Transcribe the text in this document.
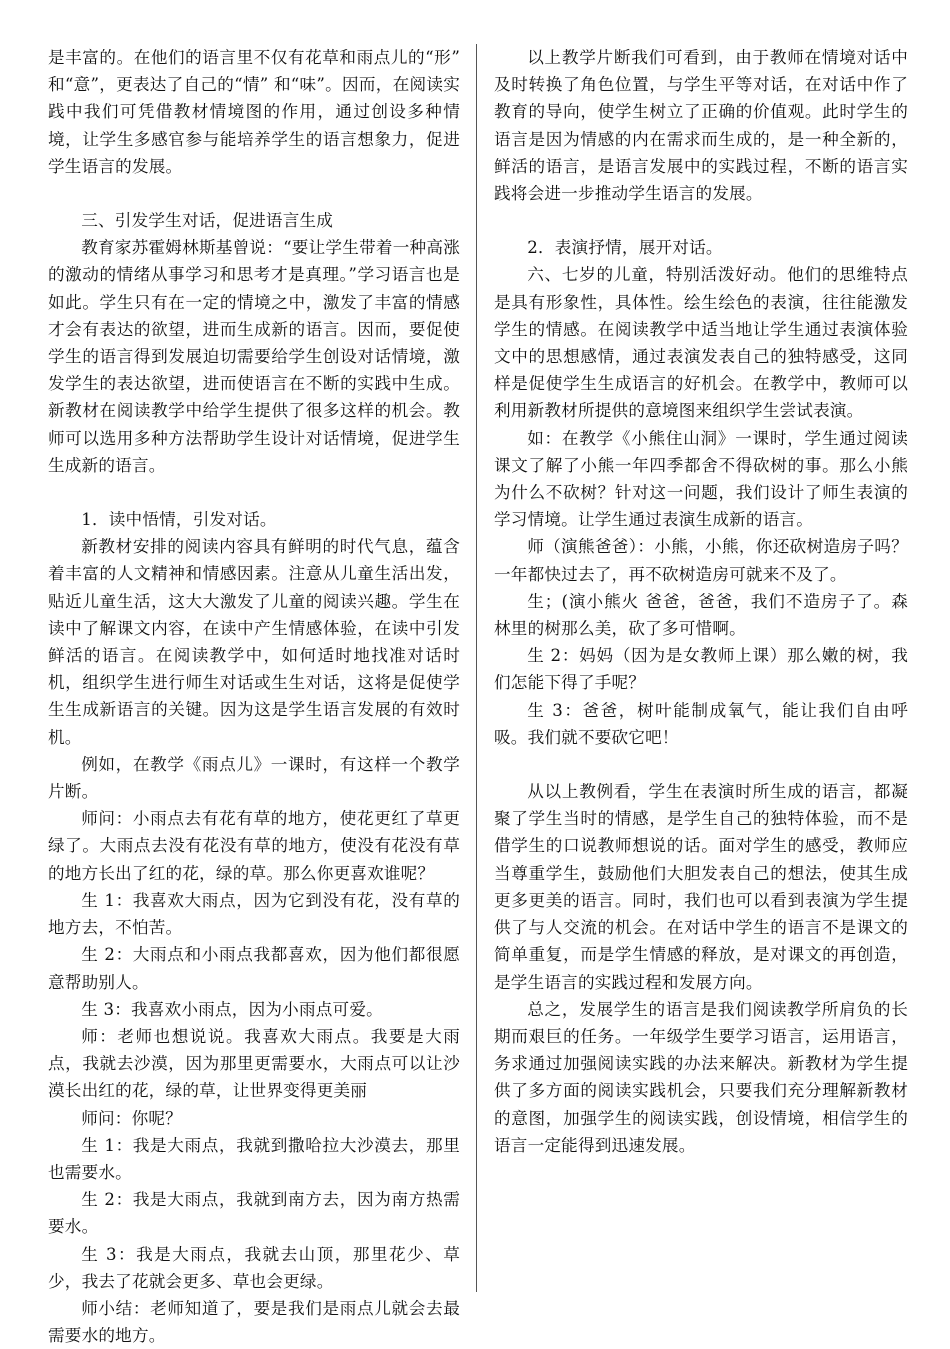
是丰富的。在他们的语言里不仅有花草和雨点儿的“形” 和“意”，更表达了自己的“情” 和“味”。因而，在阅读实践中我们可凭借教材情境图的作用，通过创设多种情境，让学生多感官参与能培养学生的语言想象力，促进学生语言的发展。

三、引发学生对话，促进语言生成

教育家苏霍姆林斯基曾说：“要让学生带着一种高涨的激动的情绪从事学习和思考才是真理。”学习语言也是如此。学生只有在一定的情境之中，激发了丰富的情感才会有表达的欲望，进而生成新的语言。因而，要促使学生的语言得到发展迫切需要给学生创设对话情境，激发学生的表达欲望，进而使语言在不断的实践中生成。新教材在阅读教学中给学生提供了很多这样的机会。教师可以选用多种方法帮助学生设计对话情境，促进学生生成新的语言。

1．读中悟情，引发对话。

新教材安排的阅读内容具有鲜明的时代气息，蕴含着丰富的人文精神和情感因素。注意从儿童生活出发，贴近儿童生活，这大大激发了儿童的阅读兴趣。学生在读中了解课文内容，在读中产生情感体验，在读中引发鲜活的语言。在阅读教学中，如何适时地找准对话时机，组织学生进行师生对话或生生对话，这将是促使学生生成新语言的关键。因为这是学生语言发展的有效时机。

例如，在教学《雨点儿》一课时，有这样一个教学片断。

师问：小雨点去有花有草的地方，使花更红了草更绿了。大雨点去没有花没有草的地方，使没有花没有草的地方长出了红的花，绿的草。那么你更喜欢谁呢？

生 1：我喜欢大雨点，因为它到没有花，没有草的地方去，不怕苦。

生 2：大雨点和小雨点我都喜欢，因为他们都很愿意帮助别人。

生 3：我喜欢小雨点，因为小雨点可爱。

师：老师也想说说。我喜欢大雨点。我要是大雨点，我就去沙漠，因为那里更需要水，大雨点可以让沙漠长出红的花，绿的草，让世界变得更美丽

师问：你呢？

生 1：我是大雨点，我就到撒哈拉大沙漠去，那里也需要水。

生 2：我是大雨点，我就到南方去，因为南方热需要水。

生 3：我是大雨点，我就去山顶，那里花少、草少，我去了花就会更多、草也会更绿。

师小结：老师知道了，要是我们是雨点儿就会去最需要水的地方。

以上教学片断我们可看到，由于教师在情境对话中及时转换了角色位置，与学生平等对话，在对话中作了教育的导向，使学生树立了正确的价值观。此时学生的语言是因为情感的内在需求而生成的，是一种全新的，鲜活的语言，是语言发展中的实践过程，不断的语言实践将会进一步推动学生语言的发展。

2．表演抒情，展开对话。

六、七岁的儿童，特别活泼好动。他们的思维特点是具有形象性，具体性。绘生绘色的表演，往往能激发学生的情感。在阅读教学中适当地让学生通过表演体验文中的思想感情，通过表演发表自己的独特感受，这同样是促使学生生成语言的好机会。在教学中，教师可以利用新教材所提供的意境图来组织学生尝试表演。

如：在教学《小熊住山洞》一课时，学生通过阅读课文了解了小熊一年四季都舍不得砍树的事。那么小熊为什么不砍树？针对这一问题，我们设计了师生表演的学习情境。让学生通过表演生成新的语言。

师（演熊爸爸）：小熊，小熊，你还砍树造房子吗？一年都快过去了，再不砍树造房可就来不及了。

生；(演小熊火 爸爸，爸爸，我们不造房子了。森林里的树那么美，砍了多可惜啊。

生 2：妈妈（因为是女教师上课）那么嫩的树，我们怎能下得了手呢？

生 3：爸爸，树叶能制成氧气，能让我们自由呼吸。我们就不要砍它吧！

从以上教例看，学生在表演时所生成的语言，都凝聚了学生当时的情感，是学生自己的独特体验，而不是借学生的口说教师想说的话。面对学生的感受，教师应当尊重学生，鼓励他们大胆发表自己的想法，使其生成更多更美的语言。同时，我们也可以看到表演为学生提供了与人交流的机会。在对话中学生的语言不是课文的简单重复，而是学生情感的释放，是对课文的再创造，是学生语言的实践过程和发展方向。

总之，发展学生的语言是我们阅读教学所肩负的长期而艰巨的任务。一年级学生要学习语言，运用语言，务求通过加强阅读实践的办法来解决。新教材为学生提供了多方面的阅读实践机会，只要我们充分理解新教材的意图，加强学生的阅读实践，创设情境，相信学生的语言一定能得到迅速发展。
